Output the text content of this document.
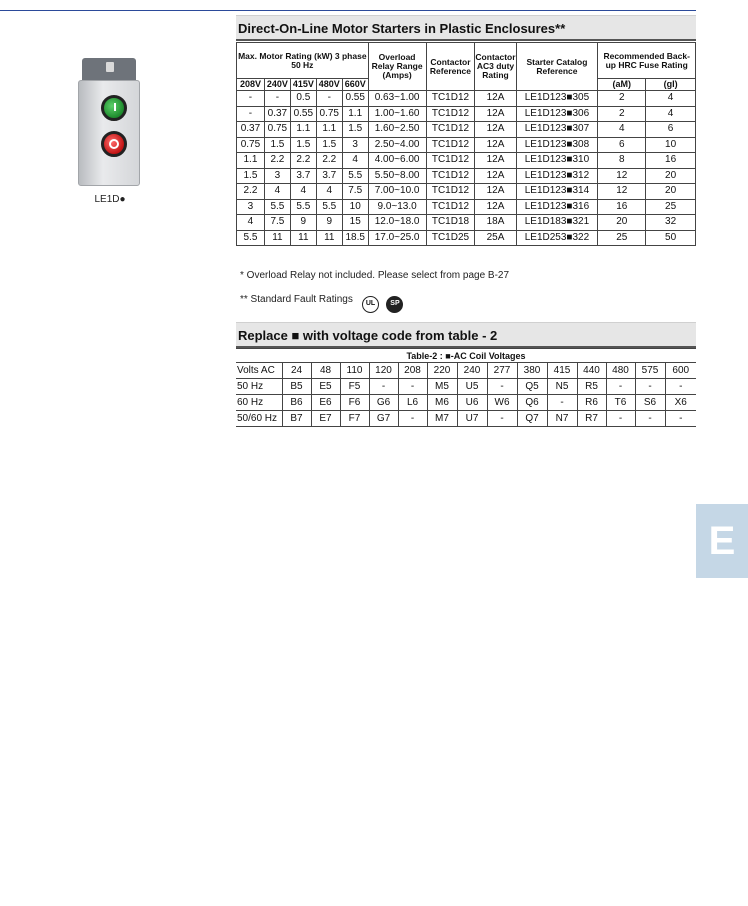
LE1D●
Direct-On-Line Motor Starters in Plastic Enclosures**
Max. Motor Rating (kW) 3 phase 50 Hz					Overload Relay Range (Amps)	Contactor Reference	Contactor AC3 duty Rating	Starter Catalog Reference	Recommended Back-up HRC Fuse Rating	
208V	240V	415V	480V	660V					(aM)	(gI)
-	-	0.5	-	0.55	0.63~1.00	TC1D12	12A	LE1D123■305	2	4
-	0.37	0.55	0.75	1.1	1.00~1.60	TC1D12	12A	LE1D123■306	2	4
0.37	0.75	1.1	1.1	1.5	1.60~2.50	TC1D12	12A	LE1D123■307	4	6
0.75	1.5	1.5	1.5	3	2.50~4.00	TC1D12	12A	LE1D123■308	6	10
1.1	2.2	2.2	2.2	4	4.00~6.00	TC1D12	12A	LE1D123■310	8	16
1.5	3	3.7	3.7	5.5	5.50~8.00	TC1D12	12A	LE1D123■312	12	20
2.2	4	4	4	7.5	7.00~10.0	TC1D12	12A	LE1D123■314	12	20
3	5.5	5.5	5.5	10	9.0~13.0	TC1D12	12A	LE1D123■316	16	25
4	7.5	9	9	15	12.0~18.0	TC1D18	18A	LE1D183■321	20	32
5.5	11	11	11	18.5	17.0~25.0	TC1D25	25A	LE1D253■322	25	50
* Overload Relay not included. Please select from page B-27
** Standard Fault Ratings	UL SP
Replace ■ with voltage code from table - 2
Table-2 : ■-AC Coil Voltages														
Volts AC	24	48	110	120	208	220	240	277	380	415	440	480	575	600
50 Hz	B5	E5	F5	-	-	M5	U5	-	Q5	N5	R5	-	-	-
60 Hz	B6	E6	F6	G6	L6	M6	U6	W6	Q6	-	R6	T6	S6	X6
50/60 Hz	B7	E7	F7	G7	-	M7	U7	-	Q7	N7	R7	-	-	-
E
